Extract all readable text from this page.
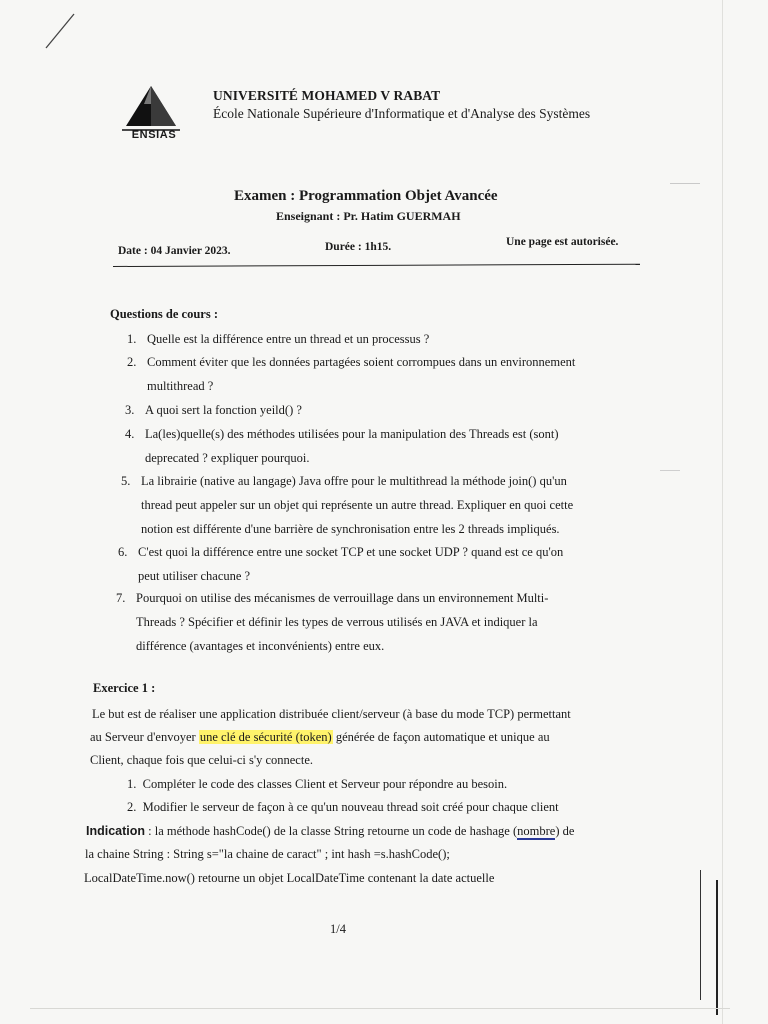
ENSIAS
UNIVERSITÉ MOHAMED V RABAT
École Nationale Supérieure d'Informatique et d'Analyse des Systèmes
Examen : Programmation Objet Avancée
Enseignant : Pr. Hatim GUERMAH
Date : 04 Janvier 2023.	Durée : 1h15.	Une page est autorisée.
Questions de cours :
1. Quelle est la différence entre un thread et un processus ?
2. Comment éviter que les données partagées soient corrompues dans un environnement
multithread ?
3. A quoi sert la fonction yeild() ?
4. La(les)quelle(s) des méthodes utilisées pour la manipulation des Threads est (sont)
deprecated ? expliquer pourquoi.
5. La librairie (native au langage) Java offre pour le multithread la méthode join() qu'un
thread peut appeler sur un objet qui représente un autre thread. Expliquer en quoi cette
notion est différente d'une barrière de synchronisation entre les 2 threads impliqués.
6. C'est quoi la différence entre une socket TCP et une socket UDP ? quand est ce qu'on
peut utiliser chacune ?
7. Pourquoi on utilise des mécanismes de verrouillage dans un environnement Multi-
Threads ? Spécifier et définir les types de verrous utilisés en JAVA et indiquer la
différence (avantages et inconvénients) entre eux.
Exercice 1 :
Le but est de réaliser une application distribuée client/serveur (à base du mode TCP) permettant
au Serveur d'envoyer une clé de sécurité (token) générée de façon automatique et unique au
Client, chaque fois que celui-ci s'y connecte.
1. Compléter le code des classes Client et Serveur pour répondre au besoin.
2. Modifier le serveur de façon à ce qu'un nouveau thread soit créé pour chaque client
Indication : la méthode hashCode() de la classe String retourne un code de hashage (nombre) de
la chaine String : String s="la chaine de caract" ; int hash =s.hashCode();
LocalDateTime.now() retourne un objet LocalDateTime contenant la date actuelle
1/4
